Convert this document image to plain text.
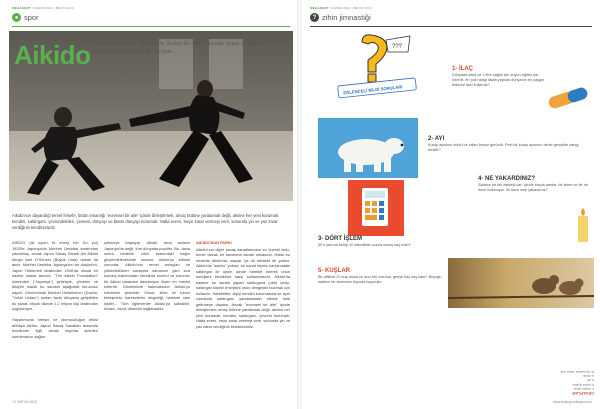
MEGAKENT | KASIM 2022 | BEYİN GÜÇ
● spor
Aikido savaş tekniklerini öğretirken, beden ile ruh arasında uyum sağlamak için gerekli olan disiplini de veriyor...
Aikido'nun dayandığı temel felsefe, bütün insanlığı "evrensel bir aile" içinde birleştirmek; amaç bütüne yaralamak değil, aksine her yeni kuramak; kendini, saldırganı, çevrendekileri, çevreni, dünyayı ve bütün dünyayı korumak. Hatta evren, Neye zarar vermeyi verir, sonunda yin ve yaz zarar verdiğinin kendinizsiniz.
AIKIDO, (Ai; uyum, Ki; enerji, ruh, Do; yol) 1925'te Japonya'da Morihei Ueshiba tarafından yaratılmış, ancak Japon Savaş Sanatı (bir Aikido dünya ismi O'Sensei (Büyük Usta) olarak da anılır. Morihei Ueshiba Japonya'nın bir düşünürü, Japon Hükümeti tarafından 1940'da ulusal bir hazine olarak tanındı. "The Aikido Foundation" üzerinden ("Japonya") şirketiyle, yönetim ve disiplin olarak bu sanatın aşağıdaki kurucusu sayılır. Günümüzde Morihei Ueshiba'nın (Doshu, "Yolun Ustası") ondan fazla dünyada geliştirilen bu sanat, birçok ülkede 1,2 milyon kişi tarafından uygulanıyor.

Hayatımızda stresin ve olumsuzluğun etkisi arttıkça Aikido, Japon Savaş Sanatları arasında kendinizle ilgili olmak dışında sinirden kurtulmanızı sağlar.
çekmeye başlayıp. Aikido, ama sadece Japonya'da değil, tüm dünyada popüler. Bu, daha sonra bedenle zihin arasındaki bağın güçlendirilmesinde sunulur. Aikido'yu bilmek zorunda, Aikido'nun temel amaçları ve yükümlülükleri savaşma sanatının yanı sıra kuruluş bakımından kendinizi kontrol ve koruma; bir Aikido ustasının davranışını ölçen en önemli kriterdir. Gözlerinizle bakmaksızın Aikido'yu izlemeniz yeterlidir. Vücut, zihin ve ruhun birleşmesi; hareketlerin dinginliği; hareketi olan kişiler... Tüm ilgilenenler Aikido'ya katılabilir. Amacı, vücut düzenini sağlamaktır.
AIKIDO'NUN FARKI
Aikido'nun diğer savaş sanatlarından en önemli farkı, temel olarak bir savunma sanatı olmasıdır. Hatta bu nedenle Aikido'da maçlar, ya da rekabet de yoktur. Aikido'da "saldırı" yoktur; bu sanat kişinin karşısındaki saldırgan ile uyum içinde hareket ederek onun enerjisini kendisine karşı kullanmasıdır. Aikido'da sadece bu sanatı yapan saldırgana (uke) karşı; saldırgan kişinin enerjisini onun dengesini bozmak için kullanılır. Hareketler, kişiyi kendini korumasına ve aynı zamanda saldırganı yaralamadan etkisiz hale getirmeye dayanır. Ancak "evrensel bir aile" içinde birleştirmek; amaç bütüne yaralamak değil, aksine her yeni kuramak; kendini, saldırganı, çevreni korumak. Hatta evren, neye zarar vermeyi verir, sonunda yin ve yaz zarar verdiğinin kendinizsiniz.
74 | BEYİN GÜÇ
MEGAKENT | KASIM 2022 | BEYİN GÜÇ
? zihin jimnastiği
???
EĞLENCELİ BİLGİ SORULARI
1- İLAÇ
Dünyada dalış ve 1 litre sağlık için suyun eğitim için önemli; en çok hangi ilaçta yapılan dünyanın en yaygın tedavisi ilacı kullanılır?
2- AYI
Kutup ayısının kürkü ve kılları beyaz görünür. Peki bir kutup ayısının derisi gerçekte hangi renktir?
4- NE YAKARDINIZ?
Sadece bir tek elektrik var; içinde birçok lamba, bir fener ve bir de mum bulunuyor. İlk önce neyi yakarsınız?
3- DÖRT İŞLEM
30'u yarıma bölüp 10 ekledikten sonra sonuç kaç eder?
5- KUŞLAR
Bir çiftlikte 20 kuş varsa ve avcı biri vurursa, geriye kaç kuş kalır? Birçoğu sadece bir tanesinin dışında kaçmıştır.
CEVAPLAR
1- Aspirin ilaçtır.
2- Derisi siyahtır.
3- 25
4- Kibriti.
5- Hiç kalmaz; hepsi uçar.
www.beyingucdergisi.com
